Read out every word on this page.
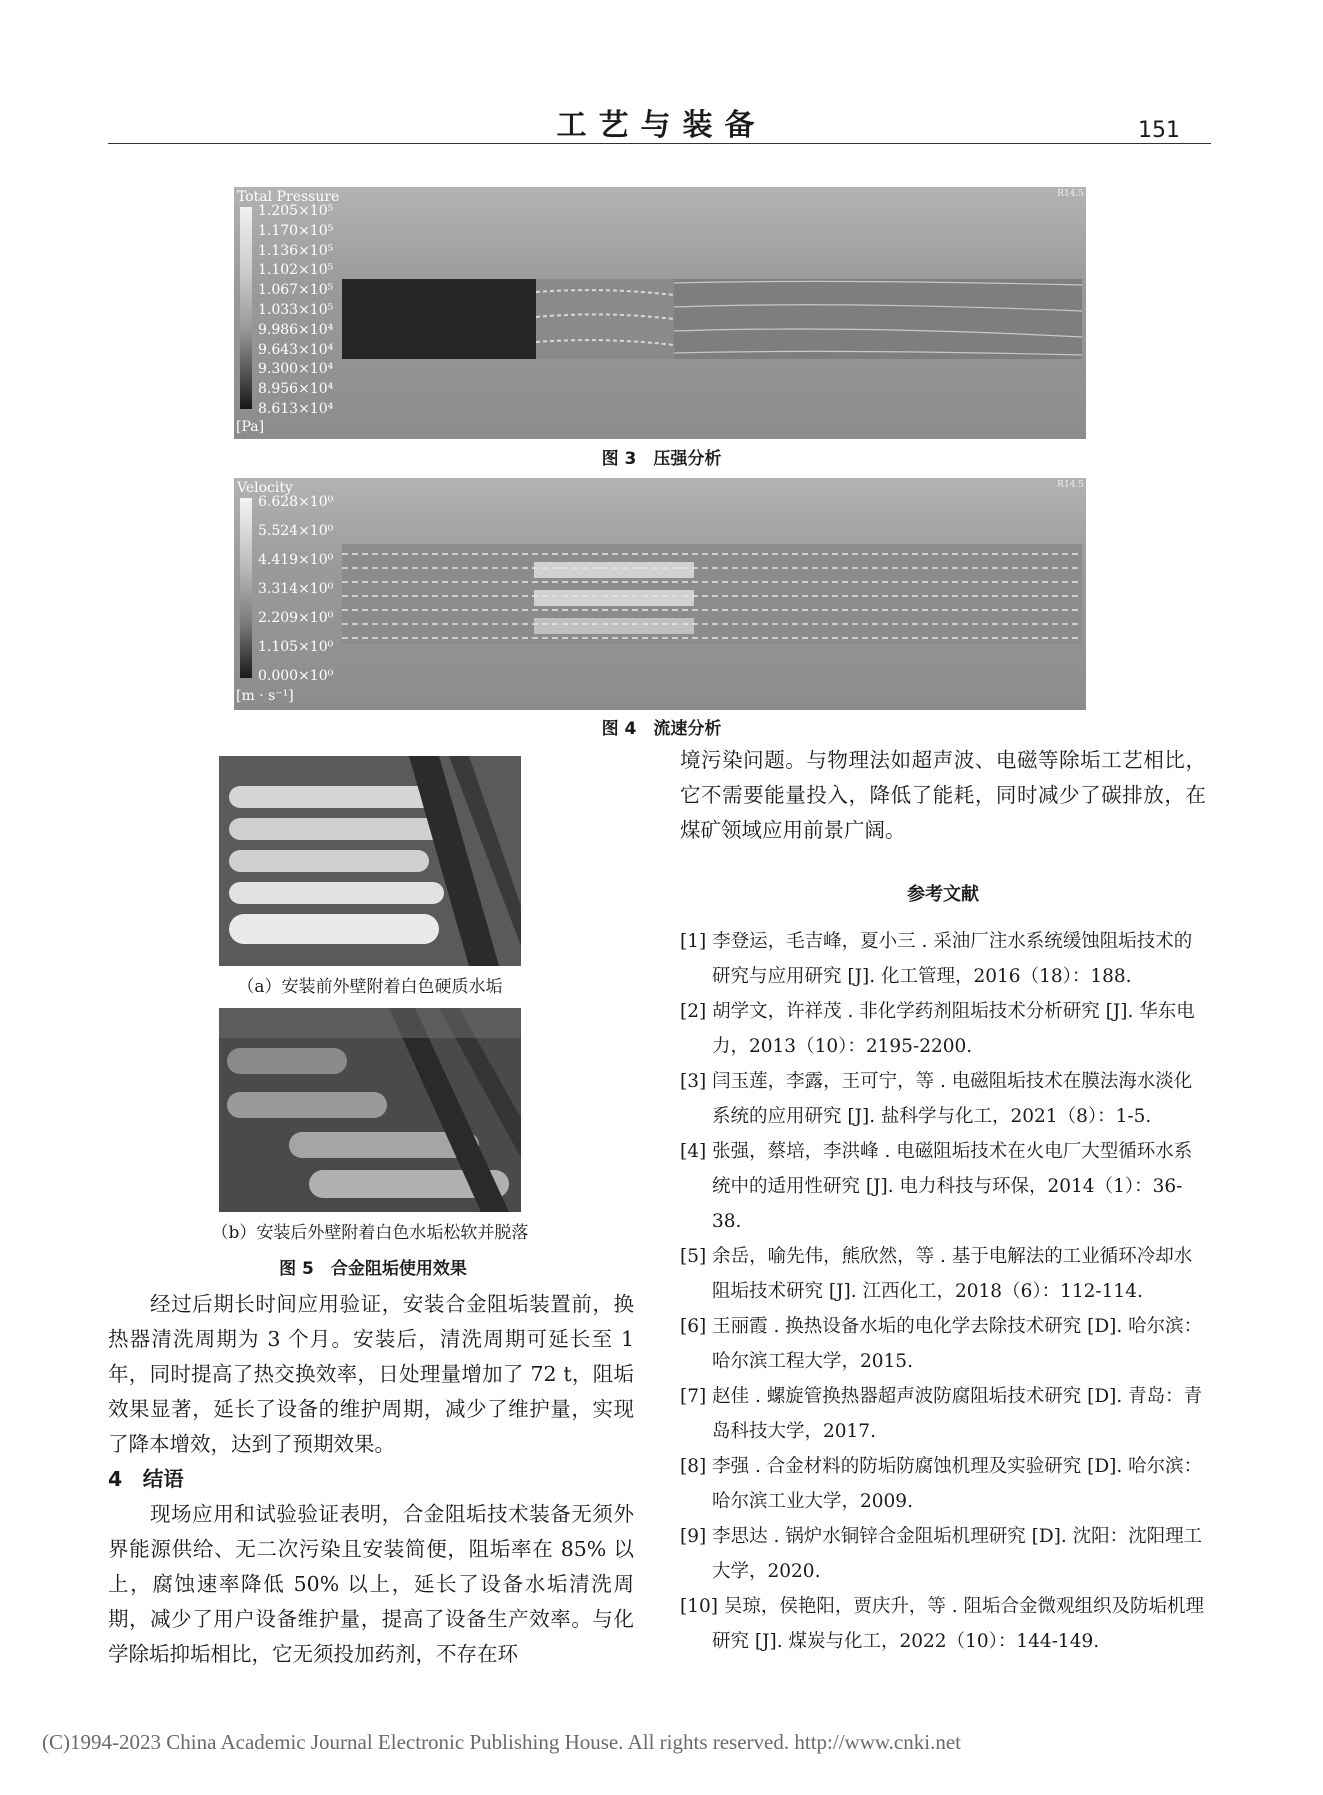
工艺与装备	151
Total Pressure
1.205×10⁵
1.170×10⁵
1.136×10⁵
1.102×10⁵
1.067×10⁵
1.033×10⁵
9.986×10⁴
9.643×10⁴
9.300×10⁴
8.956×10⁴
8.613×10⁴
[Pa]
R14.5
图 3　压强分析
Velocity
6.628×10⁰
5.524×10⁰
4.419×10⁰
3.314×10⁰
2.209×10⁰
1.105×10⁰
0.000×10⁰
[m · s⁻¹]
R14.5
图 4　流速分析
（a）安装前外壁附着白色硬质水垢
（b）安装后外壁附着白色水垢松软并脱落
图 5　合金阻垢使用效果

经过后期长时间应用验证，安装合金阻垢装置前，换热器清洗周期为 3 个月。安装后，清洗周期可延长至 1 年，同时提高了热交换效率，日处理量增加了 72 t，阻垢效果显著，延长了设备的维护周期，减少了维护量，实现了降本增效，达到了预期效果。

4　结语

现场应用和试验验证表明，合金阻垢技术装备无须外界能源供给、无二次污染且安装简便，阻垢率在 85% 以上，腐蚀速率降低 50% 以上，延长了设备水垢清洗周期，减少了用户设备维护量，提高了设备生产效率。与化学除垢抑垢相比，它无须投加药剂，不存在环

境污染问题。与物理法如超声波、电磁等除垢工艺相比，它不需要能量投入，降低了能耗，同时减少了碳排放，在煤矿领域应用前景广阔。

参考文献

[1] 李登运，毛吉峰，夏小三 . 采油厂注水系统缓蚀阻垢技术的研究与应用研究 [J]. 化工管理，2016（18）：188.

[2] 胡学文，许祥茂 . 非化学药剂阻垢技术分析研究 [J]. 华东电力，2013（10）：2195-2200.

[3] 闫玉莲，李露，王可宁，等 . 电磁阻垢技术在膜法海水淡化系统的应用研究 [J]. 盐科学与化工，2021（8）：1-5.

[4] 张强，蔡培，李洪峰 . 电磁阻垢技术在火电厂大型循环水系统中的适用性研究 [J]. 电力科技与环保，2014（1）：36-38.

[5] 余岳，喻先伟，熊欣然，等 . 基于电解法的工业循环冷却水阻垢技术研究 [J]. 江西化工，2018（6）：112-114.

[6] 王丽霞 . 换热设备水垢的电化学去除技术研究 [D]. 哈尔滨：哈尔滨工程大学，2015.

[7] 赵佳 . 螺旋管换热器超声波防腐阻垢技术研究 [D]. 青岛：青岛科技大学，2017.

[8] 李强 . 合金材料的防垢防腐蚀机理及实验研究 [D]. 哈尔滨：哈尔滨工业大学，2009.

[9] 李思达 . 锅炉水铜锌合金阻垢机理研究 [D]. 沈阳：沈阳理工大学，2020.

[10] 吴琼，侯艳阳，贾庆升，等 . 阻垢合金微观组织及防垢机理研究 [J]. 煤炭与化工，2022（10）：144-149.

(C)1994-2023 China Academic Journal Electronic Publishing House. All rights reserved. http://www.cnki.net
